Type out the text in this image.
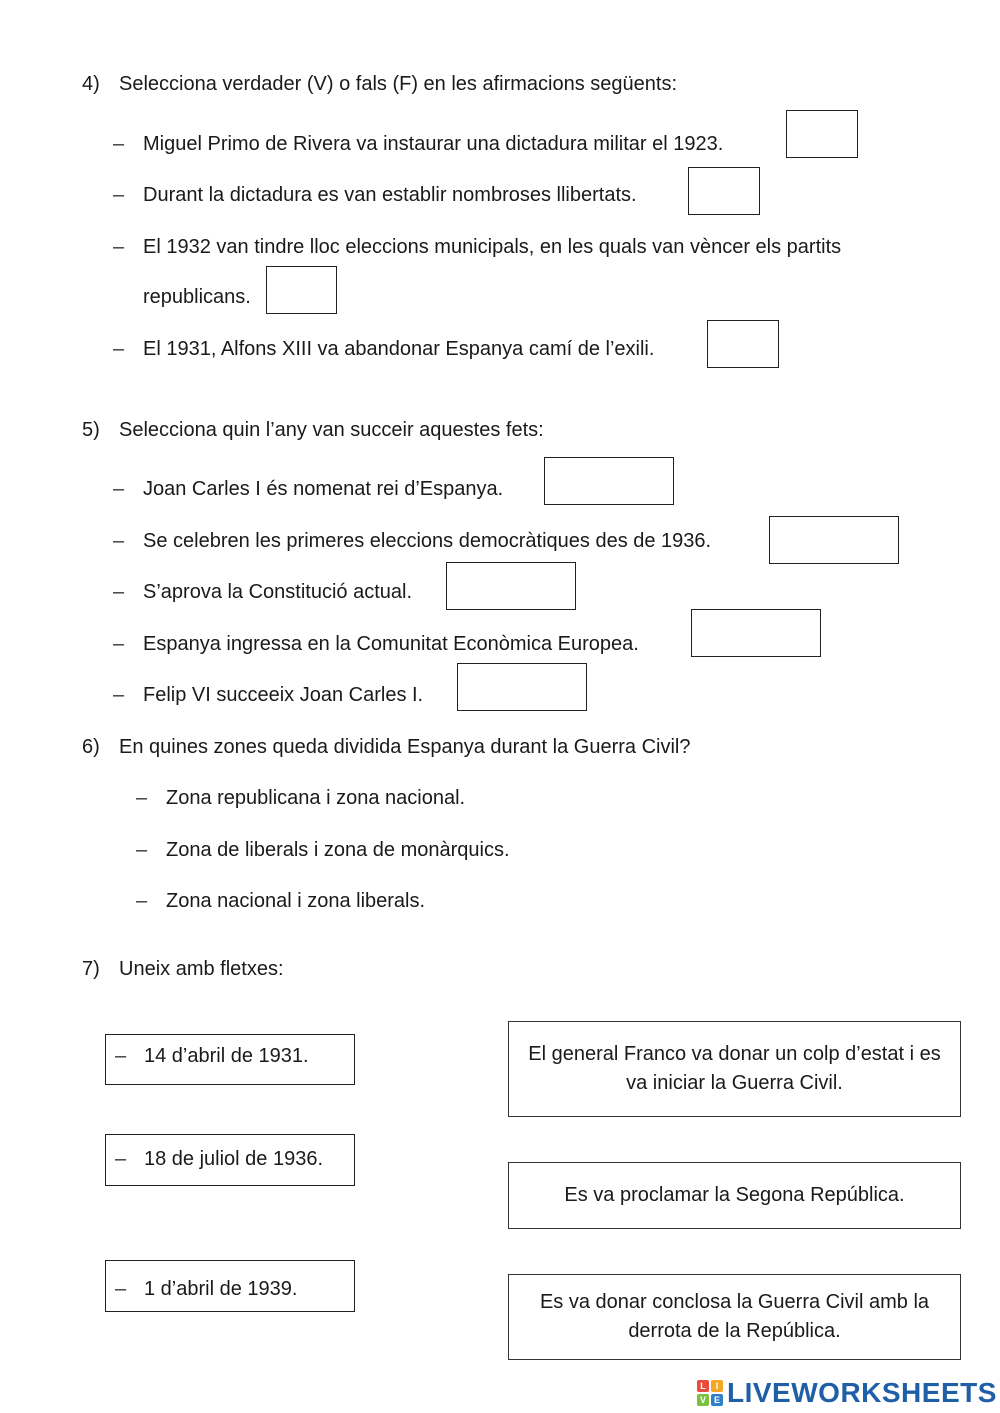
4) Selecciona verdader (V) o fals (F) en les afirmacions següents:
– Miguel Primo de Rivera va instaurar una dictadura militar el 1923.
– Durant la dictadura es van establir nombroses llibertats.
– El 1932 van tindre lloc eleccions municipals, en les quals van vèncer els partits
republicans.
– El 1931, Alfons XIII va abandonar Espanya camí de l’exili.
5) Selecciona quin l’any van succeir aquestes fets:
– Joan Carles I és nomenat rei d’Espanya.
– Se celebren les primeres eleccions democràtiques des de 1936.
– S’aprova la Constitució actual.
– Espanya ingressa en la Comunitat Econòmica Europea.
– Felip VI succeeix Joan Carles I.
6) En quines zones queda dividida Espanya durant la Guerra Civil?
– Zona republicana i zona nacional.
– Zona de liberals i zona de monàrquics.
– Zona nacional i zona liberals.
7) Uneix amb fletxes:
– 14 d’abril de 1931.
– 18 de juliol de 1936.
– 1 d’abril de 1939.
El general Franco va donar un colp d’estat i es va iniciar la Guerra Civil.
Es va proclamar la Segona República.
Es va donar conclosa la Guerra Civil amb la derrota de la República.
L	I
V E LIVEWORKSHEETS
